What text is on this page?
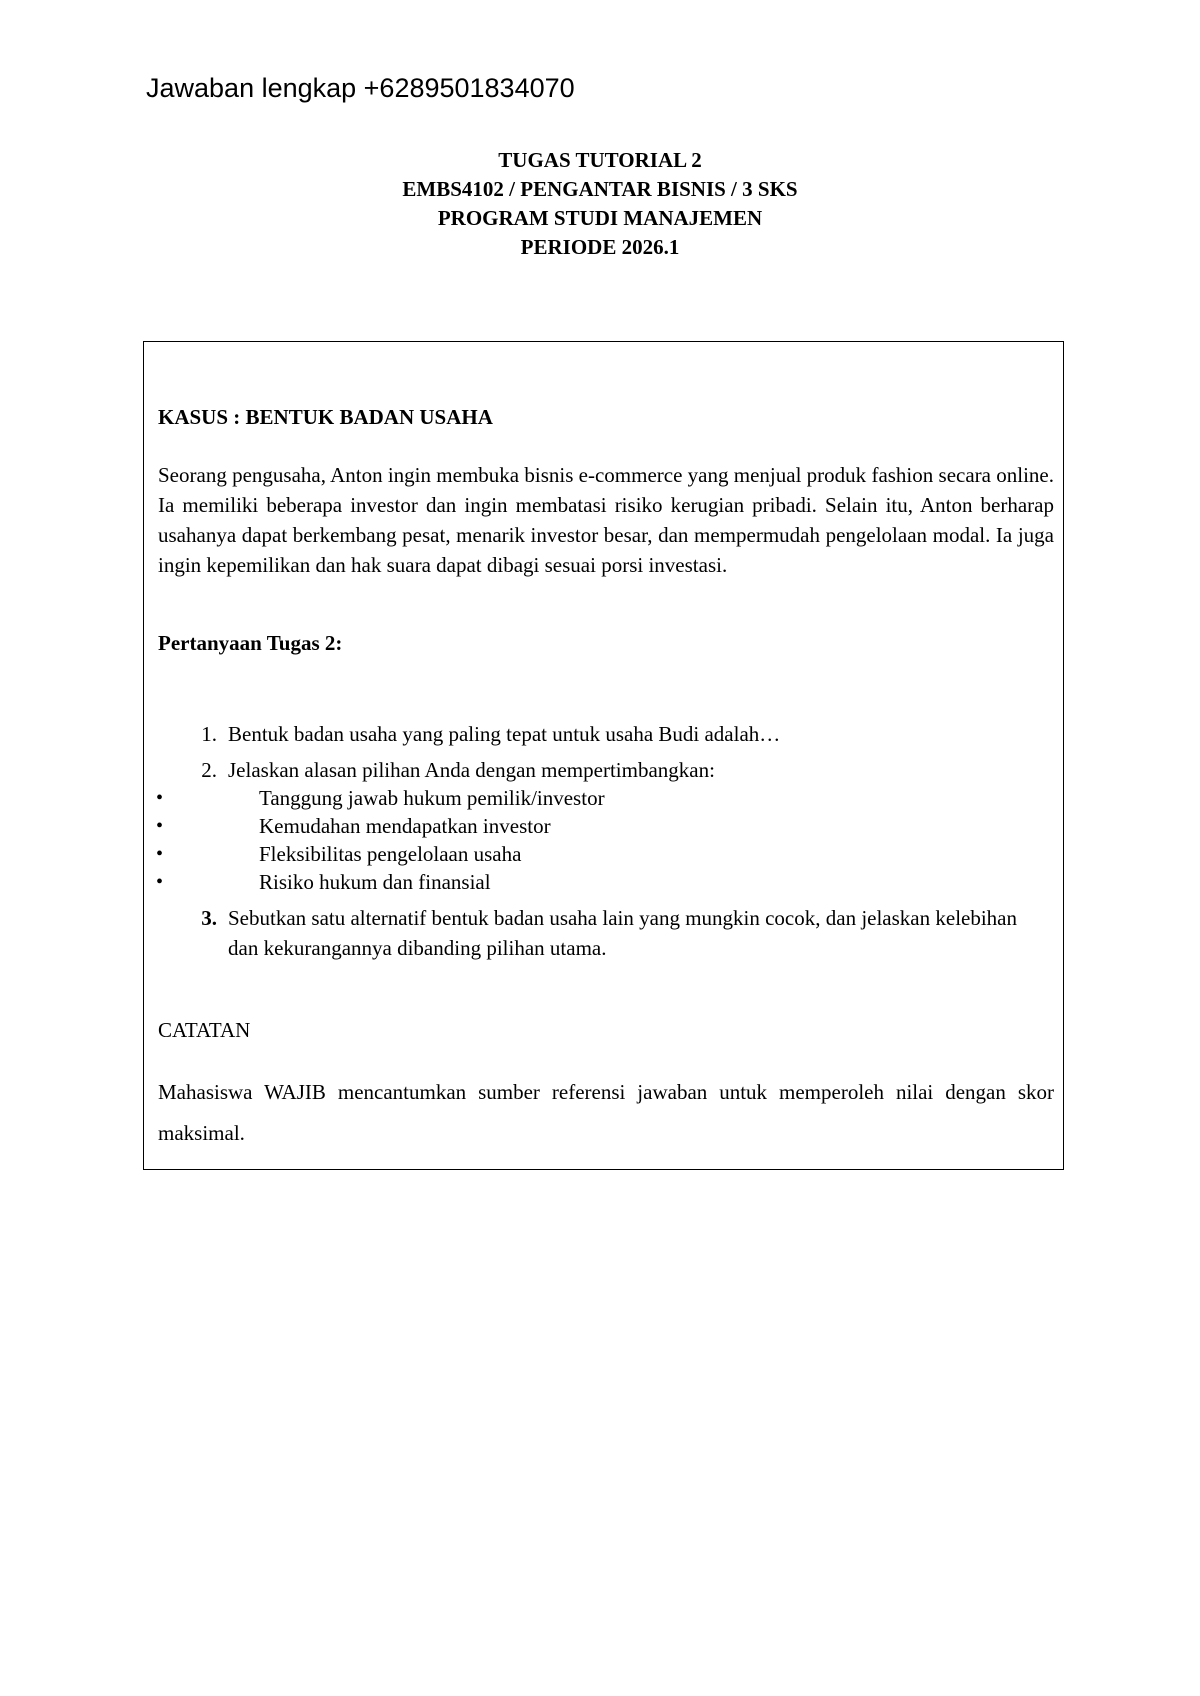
Jawaban lengkap +6289501834070
TUGAS TUTORIAL 2
EMBS4102 / PENGANTAR BISNIS / 3 SKS
PROGRAM STUDI MANAJEMEN
PERIODE 2026.1
KASUS : BENTUK BADAN USAHA
Seorang pengusaha, Anton ingin membuka bisnis e-commerce yang menjual produk fashion secara online. Ia memiliki beberapa investor dan ingin membatasi risiko kerugian pribadi. Selain itu, Anton berharap usahanya dapat berkembang pesat, menarik investor besar, dan mempermudah pengelolaan modal. Ia juga ingin kepemilikan dan hak suara dapat dibagi sesuai porsi investasi.
Pertanyaan Tugas 2:
1. Bentuk badan usaha yang paling tepat untuk usaha Budi adalah…
2. Jelaskan alasan pilihan Anda dengan mempertimbangkan:
•	Tanggung jawab hukum pemilik/investor
•	Kemudahan mendapatkan investor
•	Fleksibilitas pengelolaan usaha
•	Risiko hukum dan finansial
3. Sebutkan satu alternatif bentuk badan usaha lain yang mungkin cocok, dan jelaskan kelebihan dan kekurangannya dibanding pilihan utama.
CATATAN
Mahasiswa WAJIB mencantumkan sumber referensi jawaban untuk memperoleh nilai dengan skor maksimal.
